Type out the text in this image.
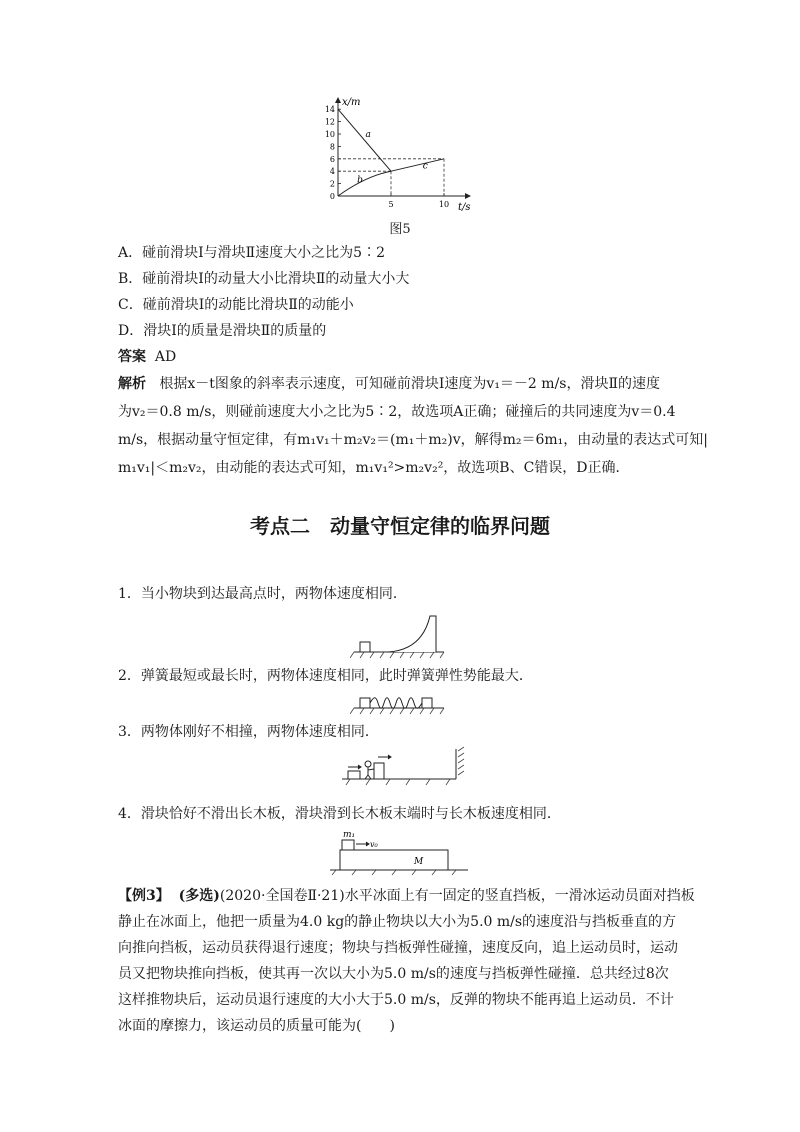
14
12
10
8
6
4
2
0
5	10
a
b
c
x/m
t/s
图5
A．碰前滑块Ⅰ与滑块Ⅱ速度大小之比为5∶2
B．碰前滑块Ⅰ的动量大小比滑块Ⅱ的动量大小大
C．碰前滑块Ⅰ的动能比滑块Ⅱ的动能小
D．滑块Ⅰ的质量是滑块Ⅱ的质量的
答案 AD
解析 根据x－t图象的斜率表示速度，可知碰前滑块Ⅰ速度为v₁＝－2 m/s，滑块Ⅱ的速度
为v₂＝0.8 m/s，则碰前速度大小之比为5∶2，故选项A正确；碰撞后的共同速度为v＝0.4
m/s，根据动量守恒定律，有m₁v₁＋m₂v₂＝(m₁＋m₂)v，解得m₂＝6m₁，由动量的表达式可知|
m₁v₁|＜m₂v₂，由动能的表达式可知，m₁v₁²>m₂v₂²，故选项B、C错误，D正确．
考点二　动量守恒定律的临界问题
1．当小物块到达最高点时，两物体速度相同．
2．弹簧最短或最长时，两物体速度相同，此时弹簧弹性势能最大．
3．两物体刚好不相撞，两物体速度相同．
4．滑块恰好不滑出长木板，滑块滑到长木板末端时与长木板速度相同．
m₁
v₀
M
【例3】 (多选)(2020·全国卷Ⅱ·21)水平冰面上有一固定的竖直挡板，一滑冰运动员面对挡板
静止在冰面上，他把一质量为4.0 kg的静止物块以大小为5.0 m/s的速度沿与挡板垂直的方
向推向挡板，运动员获得退行速度；物块与挡板弹性碰撞，速度反向，追上运动员时，运动
员又把物块推向挡板，使其再一次以大小为5.0 m/s的速度与挡板弹性碰撞．总共经过8次
这样推物块后，运动员退行速度的大小大于5.0 m/s，反弹的物块不能再追上运动员．不计
冰面的摩擦力，该运动员的质量可能为(　　)
